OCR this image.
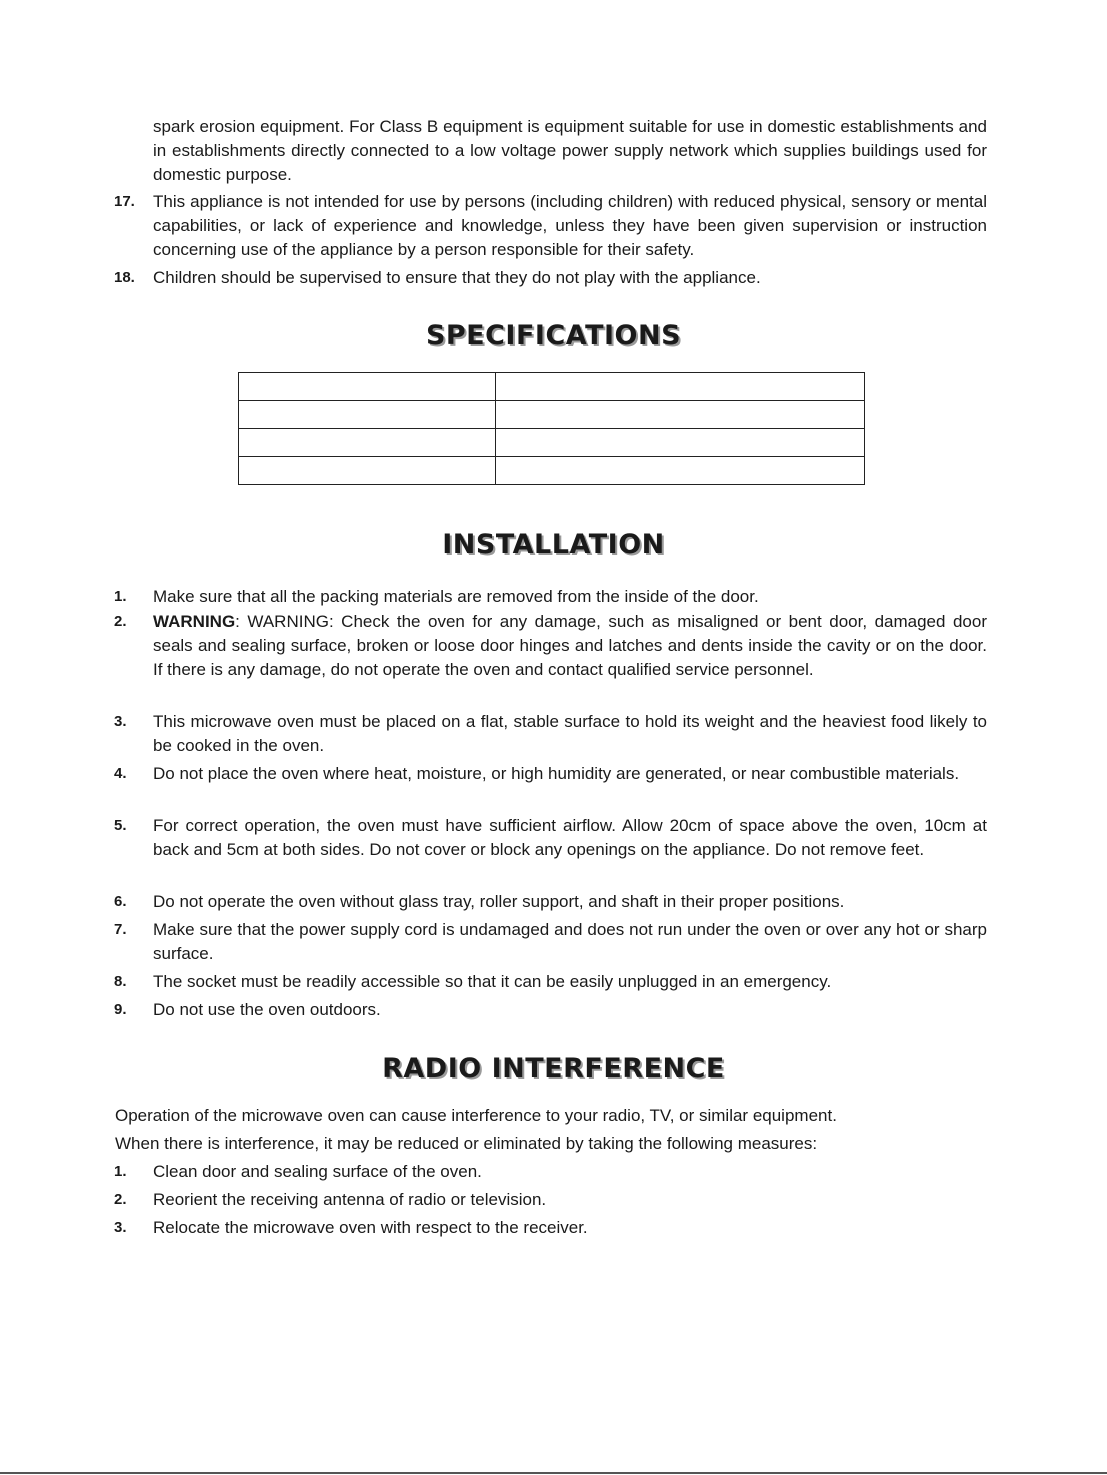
spark erosion equipment. For Class B equipment is equipment suitable for use in domestic establishments and in establishments directly connected to a low voltage power supply network which supplies buildings used for domestic purpose.

17. This appliance is not intended for use by persons (including children) with reduced physical, sensory or mental capabilities, or lack of experience and knowledge, unless they have been given supervision or instruction concerning use of the appliance by a person responsible for their safety.

18. Children should be supervised to ensure that they do not play with the appliance.

SPECIFICATIONS

INSTALLATION
1. Make sure that all the packing materials are removed from the inside of the door.

2. WARNING: WARNING: Check the oven for any damage, such as misaligned or bent door, damaged door seals and sealing surface, broken or loose door hinges and latches and dents inside the cavity or on the door. If there is any damage, do not operate the oven and contact qualified service personnel.

3. This microwave oven must be placed on a flat, stable surface to hold its weight and the heaviest food likely to be cooked in the oven.

4. Do not place the oven where heat, moisture, or high humidity are generated, or near combustible materials.

5. For correct operation, the oven must have sufficient airflow. Allow 20cm of space above the oven, 10cm at back and 5cm at both sides. Do not cover or block any openings on the appliance. Do not remove feet.

6. Do not operate the oven without glass tray, roller support, and shaft in their proper positions.

7. Make sure that the power supply cord is undamaged and does not run under the oven or over any hot or sharp surface.

8. The socket must be readily accessible so that it can be easily unplugged in an emergency.

9. Do not use the oven outdoors.

RADIO INTERFERENCE

Operation of the microwave oven can cause interference to your radio, TV, or similar equipment.

When there is interference, it may be reduced or eliminated by taking the following measures:

1. Clean door and sealing surface of the oven.

2. Reorient the receiving antenna of radio or television.

3. Relocate the microwave oven with respect to the receiver.
